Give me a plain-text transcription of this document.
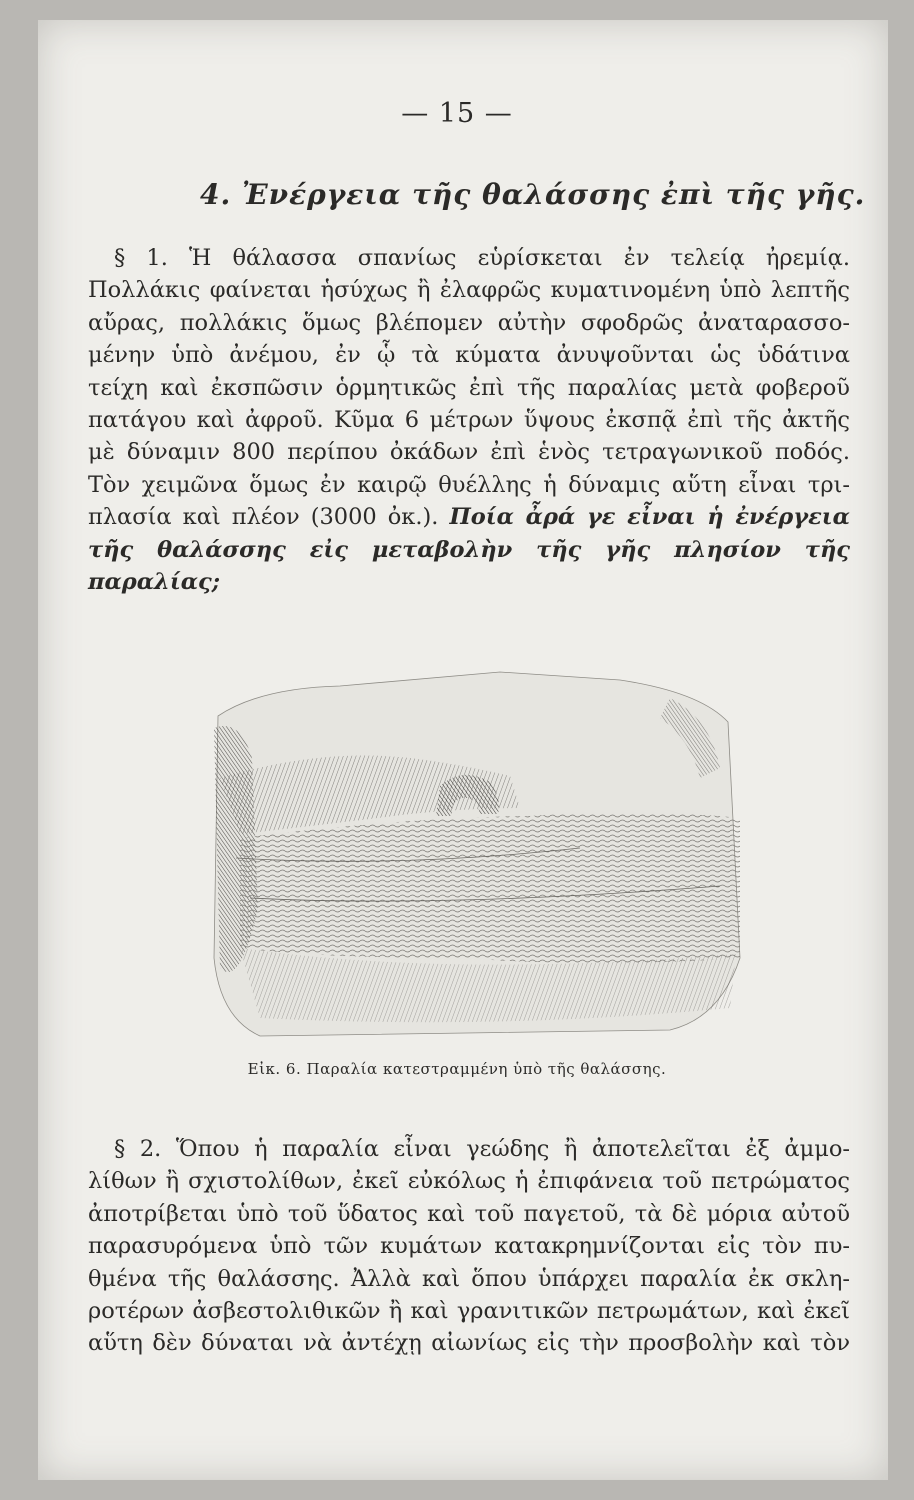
— 15 —
4. Ἐνέργεια τῆς θαλάσσης ἐπὶ τῆς γῆς.

§ 1. Ἡ θάλασσα σπανίως εὑρίσκεται ἐν τελείᾳ ἠρεμίᾳ.

Πολλάκις φαίνεται ἡσύχως ἢ ἐλαφρῶς κυματινομένη ὑπὸ λεπτῆς

αὔρας, πολλάκις ὅμως βλέπομεν αὐτὴν σφοδρῶς ἀναταρασσο-

μένην ὑπὸ ἀνέμου, ἐν ᾧ τὰ κύματα ἀνυψοῦνται ὡς ὑδάτινα

τείχη καὶ ἐκσπῶσιν ὁρμητικῶς ἐπὶ τῆς παραλίας μετὰ φοβεροῦ

πατάγου καὶ ἀφροῦ. Κῦμα 6 μέτρων ὕψους ἐκσπᾷ ἐπὶ τῆς ἀκτῆς

μὲ δύναμιν 800 περίπου ὀκάδων ἐπὶ ἑνὸς τετραγωνικοῦ ποδός.

Τὸν χειμῶνα ὅμως ἐν καιρῷ θυέλλης ἡ δύναμις αὕτη εἶναι τρι-

πλασία καὶ πλέον (3000 ὀκ.). Ποία ἆρά γε εἶναι ἡ ἐνέργεια

τῆς θαλάσσης εἰς μεταβολὴν τῆς γῆς πλησίον τῆς παραλίας;

Εἰκ. 6. Παραλία κατεστραμμένη ὑπὸ τῆς θαλάσσης.

§ 2. Ὅπου ἡ παραλία εἶναι γεώδης ἢ ἀποτελεῖται ἐξ ἀμμο-

λίθων ἢ σχιστολίθων, ἐκεῖ εὐκόλως ἡ ἐπιφάνεια τοῦ πετρώματος

ἀποτρίβεται ὑπὸ τοῦ ὕδατος καὶ τοῦ παγετοῦ, τὰ δὲ μόρια αὐτοῦ

παρασυρόμενα ὑπὸ τῶν κυμάτων κατακρημνίζονται εἰς τὸν πυ-

θμένα τῆς θαλάσσης. Ἀλλὰ καὶ ὅπου ὑπάρχει παραλία ἐκ σκλη-

ροτέρων ἀσβεστολιθικῶν ἢ καὶ γρανιτικῶν πετρωμάτων, καὶ ἐκεῖ

αὕτη δὲν δύναται νὰ ἀντέχῃ αἰωνίως εἰς τὴν προσβολὴν καὶ τὸν
